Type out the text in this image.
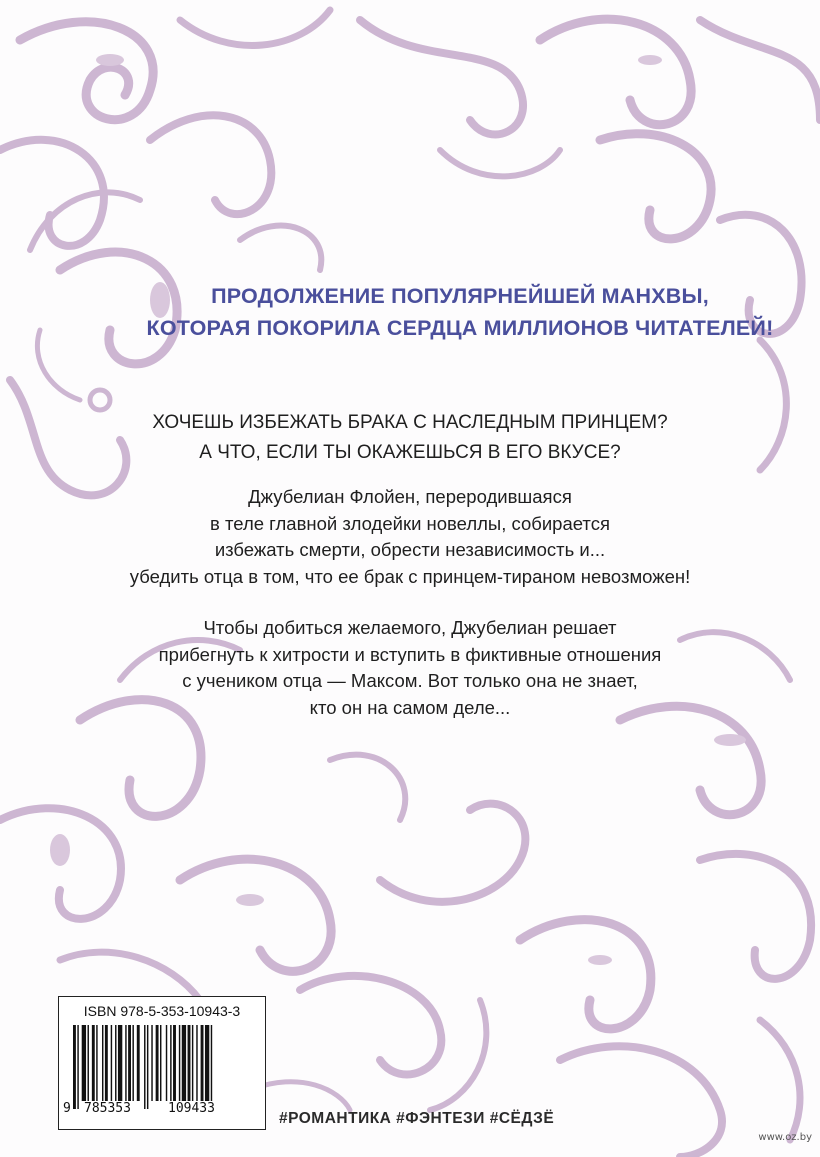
ПРОДОЛЖЕНИЕ ПОПУЛЯРНЕЙШЕЙ МАНХВЫ,
КОТОРАЯ ПОКОРИЛА СЕРДЦА МИЛЛИОНОВ ЧИТАТЕЛЕЙ!
ХОЧЕШЬ ИЗБЕЖАТЬ БРАКА С НАСЛЕДНЫМ ПРИНЦЕМ?
А ЧТО, ЕСЛИ ТЫ ОКАЖЕШЬСЯ В ЕГО ВКУСЕ?
Джубелиан Флойен, переродившаяся
в теле главной злодейки новеллы, собирается
избежать смерти, обрести независимость и...
убедить отца в том, что ее брак с принцем-тираном невозможен!
Чтобы добиться желаемого, Джубелиан решает
прибегнуть к хитрости и вступить в фиктивные отношения
с учеником отца — Максом. Вот только она не знает,
кто он на самом деле...
ISBN 978-5-353-10943-3
9 785353	109433
#РОМАНТИКА #ФЭНТЕЗИ #СЁДЗЁ
www.oz.by
